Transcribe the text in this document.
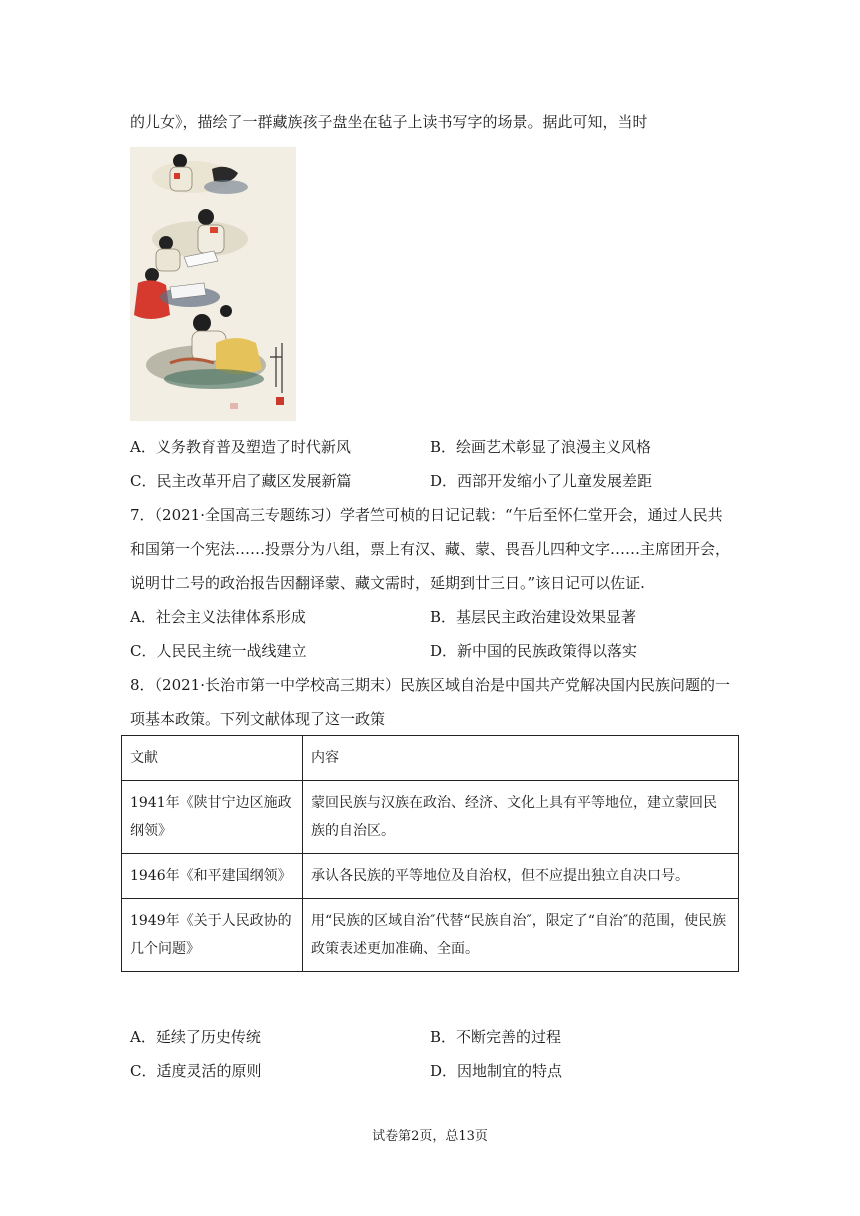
的儿女》，描绘了一群藏族孩子盘坐在毡子上读书写字的场景。据此可知，当时
A．义务教育普及塑造了时代新风	B．绘画艺术彰显了浪漫主义风格
C．民主改革开启了藏区发展新篇	D．西部开发缩小了儿童发展差距
7．（2021·全国高三专题练习）学者竺可桢的日记记载：“午后至怀仁堂开会，通过人民共
和国第一个宪法……投票分为八组，票上有汉、藏、蒙、畏吾儿四种文字……主席团开会，
说明廿二号的政治报告因翻译蒙、藏文需时，延期到廿三日。”该日记可以佐证.
A．社会主义法律体系形成	B．基层民主政治建设效果显著
C．人民民主统一战线建立	D．新中国的民族政策得以落实
8．（2021·长治市第一中学校高三期末）民族区域自治是中国共产党解决国内民族问题的一
项基本政策。下列文献体现了这一政策
文献	内容
1941年《陕甘宁边区施政纲领》	蒙回民族与汉族在政治、经济、文化上具有平等地位，建立蒙回民族的自治区。
1946年《和平建国纲领》	承认各民族的平等地位及自治权，但不应提出独立自决口号。
1949年《关于人民政协的几个问题》	用“民族的区域自治″代替“民族自治″，限定了“自治″的范围，使民族政策表述更加准确、全面。
A．延续了历史传统	B．不断完善的过程
C．适度灵活的原则	D．因地制宜的特点
试卷第2页，总13页
